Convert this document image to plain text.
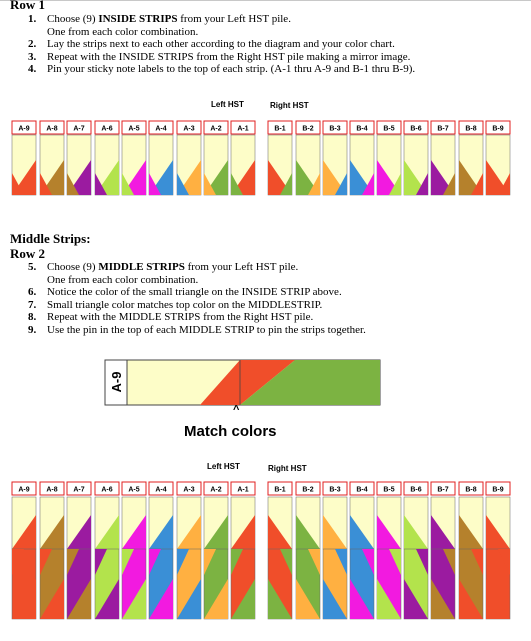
Row 1
1. Choose (9) INSIDE STRIPS from your Left HST pile.
One from each color combination.
2. Lay the strips next to each other according to the diagram and your color chart.
3. Repeat with the INSIDE STRIPS from the Right HST pile making a mirror image.
4. Pin your sticky note labels to the top of each strip. (A-1 thru A-9 and B-1 thru B-9).
Left HST	Right HST
A-9 A-8 A-7 A-6 A-5 A-4 A-3 A-2 A-1	B-1 B-2 B-3 B-4 B-5 B-6 B-7 B-8 B-9
Middle Strips:
Row 2
5. Choose (9) MIDDLE STRIPS from your Left HST pile.
One from each color combination.
6. Notice the color of the small triangle on the INSIDE STRIP above.
7. Small triangle color matches top color on the MIDDLESTRIP.
8. Repeat with the MIDDLE STRIPS from the Right HST pile.
9. Use the pin in the top of each MIDDLE STRIP to pin the strips together.
A-9
^
Match colors
Left HST	Right HST
A-9 A-8 A-7 A-6 A-5 A-4 A-3 A-2 A-1	B-1 B-2 B-3 B-4 B-5 B-6 B-7 B-8 B-9
